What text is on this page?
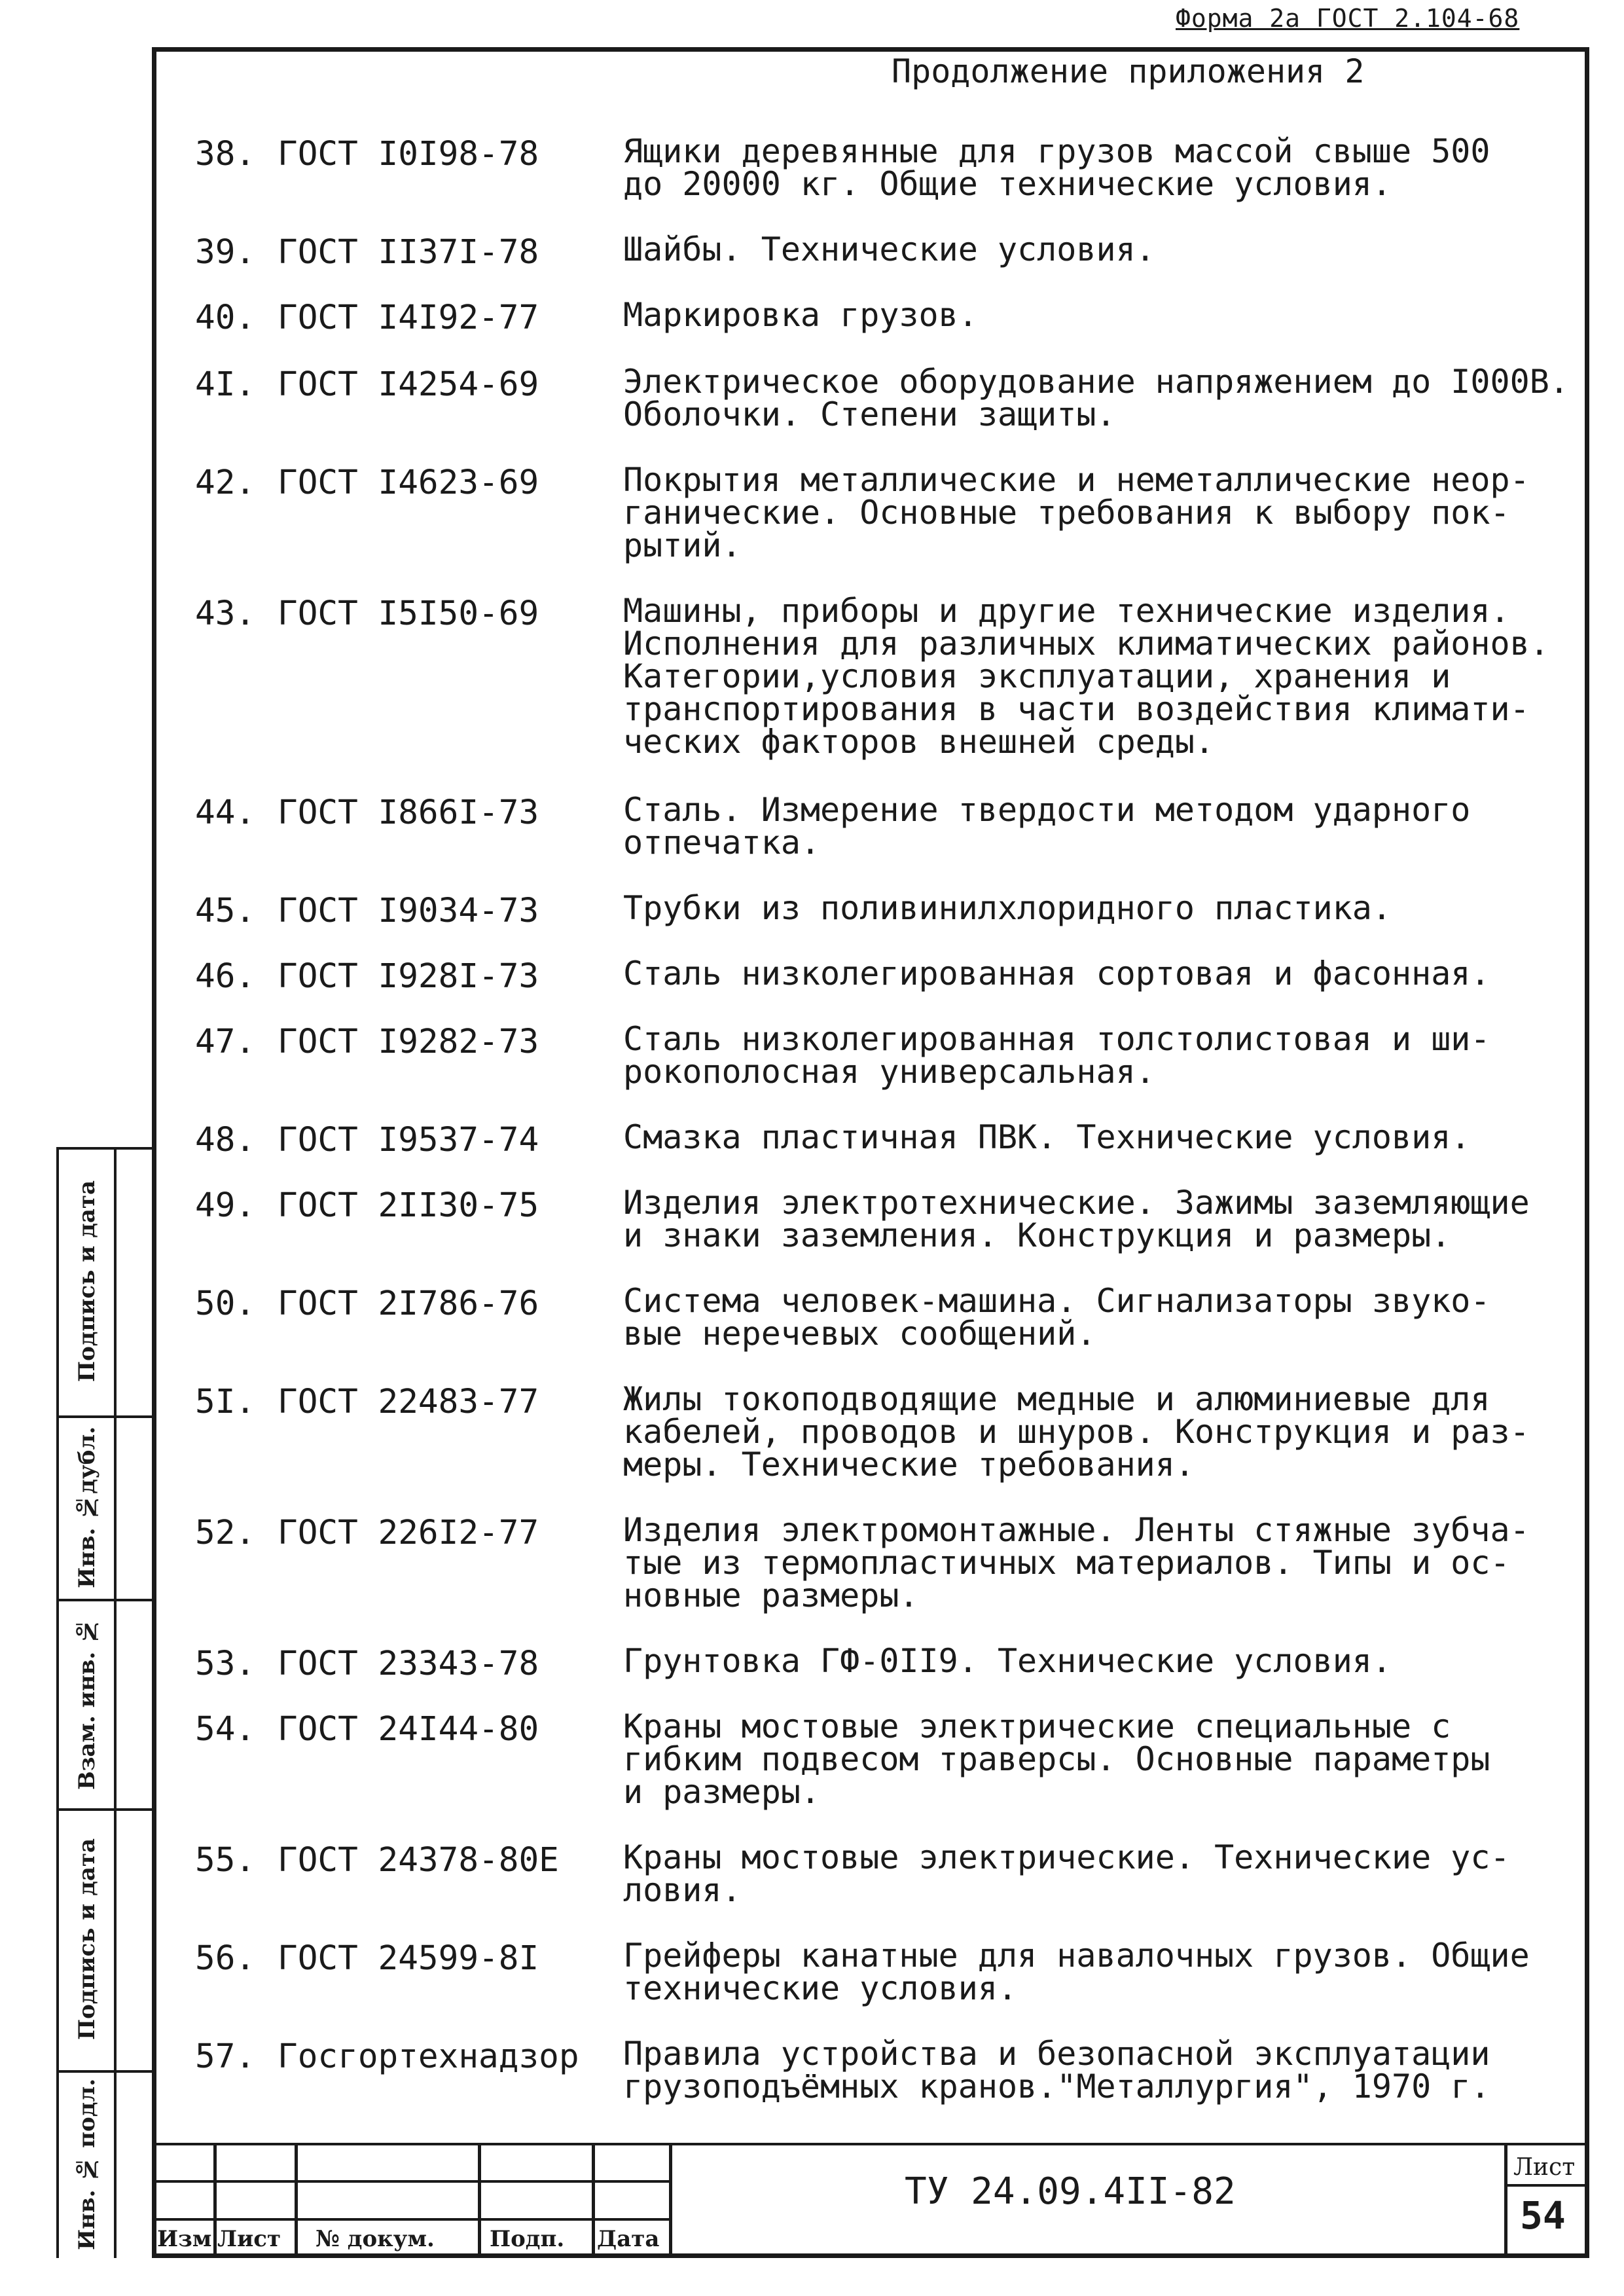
Форма 2а ГОСТ 2.104-68
Продолжение приложения 2
38. ГОСТ I0I98-78	Ящики деревянные для грузов массой свыше 500
до 20000 кг. Общие технические условия.
39. ГОСТ II37I-78	Шайбы. Технические условия.
40. ГОСТ I4I92-77	Маркировка грузов.
4I. ГОСТ I4254-69	Электрическое оборудование напряжением до I000В.
Оболочки. Степени защиты.
42. ГОСТ I4623-69	Покрытия металлические и неметаллические неор-
ганические. Основные требования к выбору пок-
рытий.
43. ГОСТ I5I50-69	Машины, приборы и другие технические изделия.
Исполнения для различных климатических районов.
Категории,условия эксплуатации, хранения и
транспортирования в части воздействия климати-
ческих факторов внешней среды.
44. ГОСТ I866I-73	Сталь. Измерение твердости методом ударного
отпечатка.
45. ГОСТ I9034-73	Трубки из поливинилхлоридного пластика.
46. ГОСТ I928I-73	Сталь низколегированная сортовая и фасонная.
47. ГОСТ I9282-73	Сталь низколегированная толстолистовая и ши-
рокополосная универсальная.
48. ГОСТ I9537-74	Смазка пластичная ПВК. Технические условия.
49. ГОСТ 2II30-75	Изделия электротехнические. Зажимы заземляющие
и знаки заземления. Конструкция и размеры.
50. ГОСТ 2I786-76	Система человек-машина. Сигнализаторы звуко-
вые неречевых сообщений.
5I. ГОСТ 22483-77	Жилы токоподводящие медные и алюминиевые для
кабелей, проводов и шнуров. Конструкция и раз-
меры. Технические требования.
52. ГОСТ 226I2-77	Изделия электромонтажные. Ленты стяжные зубча-
тые из термопластичных материалов. Типы и ос-
новные размеры.
53. ГОСТ 23343-78	Грунтовка ГФ-0II9. Технические условия.
54. ГОСТ 24I44-80	Краны мостовые электрические специальные с
гибким подвесом траверсы. Основные параметры
и размеры.
55. ГОСТ 24378-80Е Краны мостовые электрические. Технические ус-
ловия.
56. ГОСТ 24599-8I	Грейферы канатные для навалочных грузов. Общие
технические условия.
57. Госгортехнадзор Правила устройства и безопасной эксплуатации
грузоподъёмных кранов."Металлургия", 1970 г.
Подпись и дата
Инв. №дубл.
Взам. инв. №
Подпись и дата
Инв. № подл.	Изм Лист № докум. Подп. Дата
ТУ 24.09.4II-82
Лист
54
